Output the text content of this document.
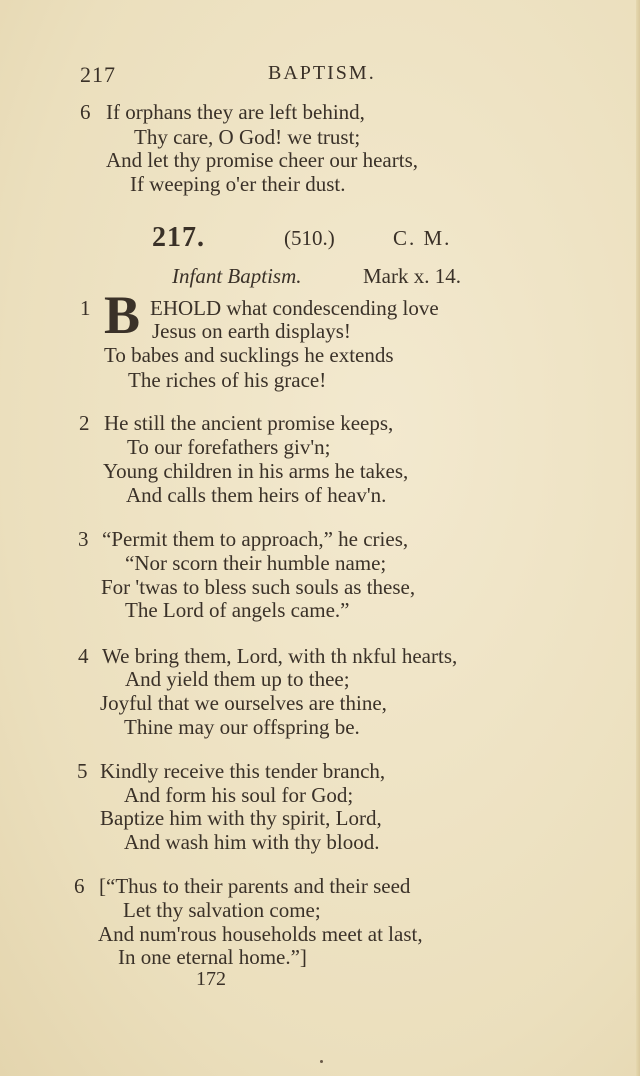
217	BAPTISM.
6 If orphans they are left behind,
Thy care, O God! we trust;
And let thy promise cheer our hearts,
If weeping o'er their dust.
217.	(510.)	C. M.
Infant Baptism.	Mark x. 14.
1 B EHOLD what condescending love
Jesus on earth displays!
To babes and sucklings he extends
The riches of his grace!
2 He still the ancient promise keeps,
To our forefathers giv'n;
Young children in his arms he takes,
And calls them heirs of heav'n.
3 “Permit them to approach,” he cries,
“Nor scorn their humble name;
For 'twas to bless such souls as these,
The Lord of angels came.”
4 We bring them, Lord, with th nkful hearts,
And yield them up to thee;
Joyful that we ourselves are thine,
Thine may our offspring be.
5 Kindly receive this tender branch,
And form his soul for God;
Baptize him with thy spirit, Lord,
And wash him with thy blood.
6 [“Thus to their parents and their seed
Let thy salvation come;
And num'rous households meet at last,
In one eternal home.”]
172
